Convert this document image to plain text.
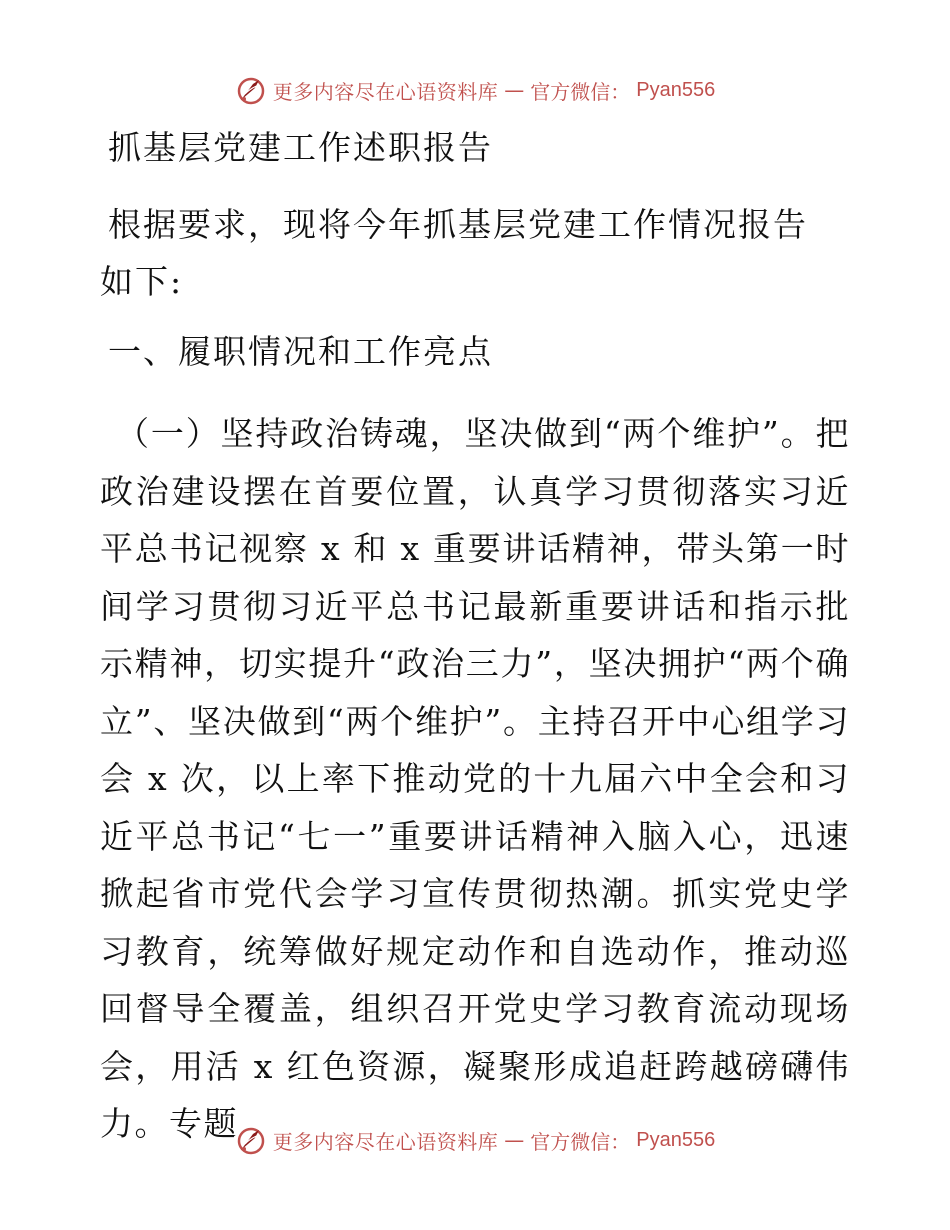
更多内容尽在心语资料库 — 官方微信： Pyan556
抓基层党建工作述职报告

根据要求，现将今年抓基层党建工作情况报告如下:

一、履职情况和工作亮点

（一）坚持政治铸魂，坚决做到“两个维护”。把政治建设摆在首要位置，认真学习贯彻落实习近平总书记视察 x 和 x 重要讲话精神，带头第一时间学习贯彻习近平总书记最新重要讲话和指示批示精神，切实提升“政治三力”，坚决拥护“两个确立”、坚决做到“两个维护”。主持召开中心组学习会 x 次，以上率下推动党的十九届六中全会和习近平总书记“七一”重要讲话精神入脑入心，迅速掀起省市党代会学习宣传贯彻热潮。抓实党史学习教育，统筹做好规定动作和自选动作，推动巡回督导全覆盖，组织召开党史学习教育流动现场会，用活 x 红色资源，凝聚形成追赶跨越磅礴伟力。专题	更多内容尽在心语资料库 — 官方微信： Pyan556
